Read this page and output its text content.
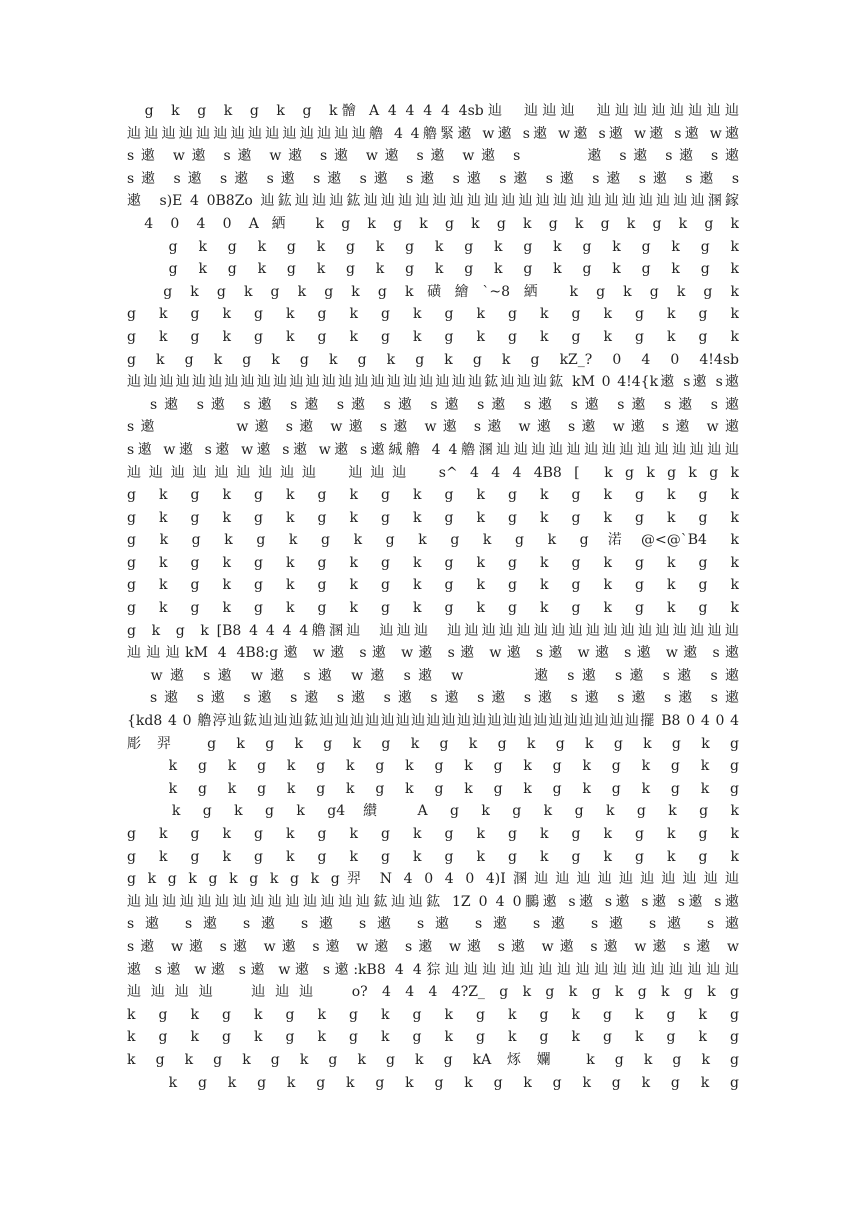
g  k  g  k  g  k  g  k䯤 A 4 4 4 4 4sb辿  辿辿辿  辿辿辿辿辿辿辿辿
辿辿辿辿辿辿辿辿辿辿辿辿辿辿艪 4 4艪緊遫 w遫 s遫 w遫 s遫 w遫 s遫 w遫
s遫 w遫 s遫 w遫 s遫 w遫 s遫 w遫 s      遫 s遫 s遫 s遫
s遫 s遫 s遫 s遫 s遫 s遫 s遫 s遫 s遫 s遫 s遫 s遫 s遫 s
遫  s)E 4 0B8Zo 辿鈜辿辿辿鈜辿辿辿辿辿辿辿辿辿辿辿辿辿辿辿辿辿辿辿辿溷鎵
4 0 4 0 A絤 k g k g k g k g k g k g k g k g k
g k g k g k g k g k g k g k g k g k g k
g k g k g k g k g k g k g k g k g k g k
g k g k g k g k g k磺繪`~8絤 k g k g k g k
g k g k g k g k g k g k g k g k g k g k
g k g k g k g k g k g k g k g k g k g k
g k g k g k g k g k g k g k g kZ_? 0 4 0 4!4sb
辿辿辿辿辿辿辿辿辿辿辿辿辿辿辿辿辿辿辿辿辿辿鈜辿辿辿鈜 kM 0 4!4{k遫 s遫 s遫
s遫 s遫 s遫 s遫 s遫 s遫 s遫 s遫 s遫 s遫 s遫 s遫 s遫
s遫       w遫 s遫 w遫 s遫 w遫 s遫 w遫 s遫 w遫 s遫 w遫
s遫 w遫 s遫 w遫 s遫 w遫 s遫絾艪 4 4艪溷辿辿辿辿辿辿辿辿辿辿辿辿辿辿
辿辿辿辿辿辿辿辿辿  辿辿辿  s^ 4 4 4 4B8 [  k g k g k g k
g k g k g k g k g k g k g k g k g k g k
g k g k g k g k g k g k g k g k g k g k
g k g k g k g k g k g k g k g渃@<@`B4 k
g k g k g k g k g k g k g k g k g k g k
g k g k g k g k g k g k g k g k g k g k
g k g k g k g k g k g k g k g k g k g k
g  k  g  k [B8 4 4 4 4艪溷辿  辿辿辿  辿辿辿辿辿辿辿辿辿辿辿辿辿辿辿辿辿
辿辿辿kM 4 4B8:g遫 w遫 s遫 w遫 s遫 w遫 s遫 w遫 s遫 w遫 s遫
w遫 s遫 w遫 s遫 w遫 s遫 w      遫 s遫 s遫 s遫 s遫
s遫 s遫 s遫 s遫 s遫 s遫 s遫 s遫 s遫 s遫 s遫 s遫 s遫
{kd8 4 0 艪渟辿鈜辿辿辿鈜辿辿辿辿辿辿辿辿辿辿辿辿辿辿辿辿辿辿辿辿辿擺 B8 0 4 0 4
彫羿 g k g k g k g k g k g k g k g k g k g
k g k g k g k g k g k g k g k g k g k g
k g k g k g k g k g k g k g k g k g k g
k g k g k g4纉 A g k g k g k g k g k
g k g k g k g k g k g k g k g k g k g k
g k g k g k g k g k g k g k g k g k g k
g k g k g k g k g k g羿 N 4 0 4 0 4)I溷辿辿辿辿辿辿辿辿辿辿
辿辿辿辿辿辿辿辿辿辿辿辿辿辿鈜辿辿鈜 1Z 0 4 0鵩遫 s遫 s遫 s遫 s遫 s遫
s遫 s遫 s遫 s遫 s遫 s遫 s遫 s遫 s遫 s遫 s遫
s遫 w遫 s遫 w遫 s遫 w遫 s遫 w遫 s遫 w遫 s遫 w遫 s遫 w
遫 s遫 w遫 s遫 w遫 s遫:kB8 4 4猔辿辿辿辿辿辿辿辿辿辿辿辿辿辿辿辿
辿辿辿辿  辿辿辿  o? 4 4 4 4?Z_ g k g k g k g k g k g
k g k g k g k g k g k g k g k g k g k g
k g k g k g k g k g k g k g k g k g k g
k g k g k g k g k g k g kA烼孄 k g k g k g
k g k g k g k g k g k g k g k g k g k g
